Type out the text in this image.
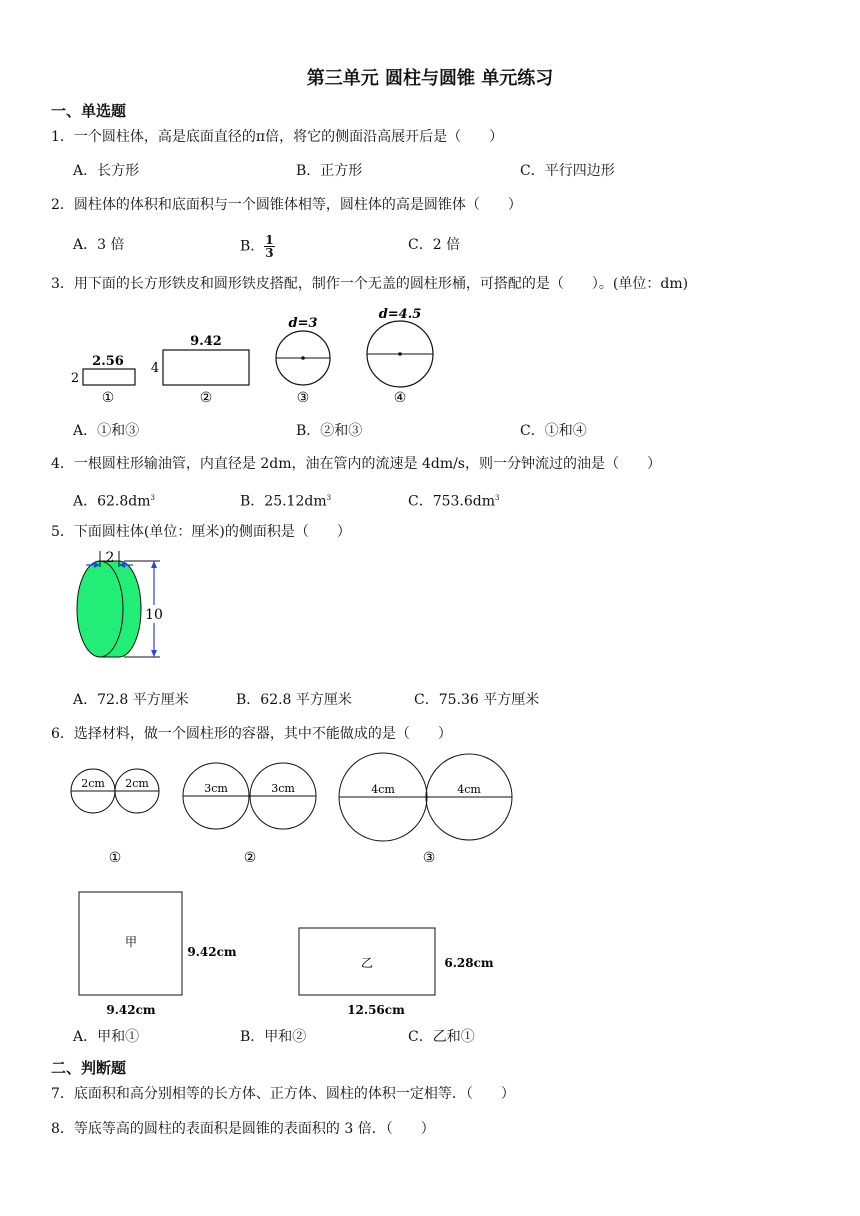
第三单元 圆柱与圆锥 单元练习
一、单选题
1．一个圆柱体，高是底面直径的π倍，将它的侧面沿高展开后是（　　）
A．长方形	B．正方形	C．平行四边形
2．圆柱体的体积和底面积与一个圆锥体相等，圆柱体的高是圆锥体（　　）
A．3 倍	B． $\frac{1}{3}$	C．2 倍
3．用下面的长方形铁皮和圆形铁皮搭配，制作一个无盖的圆柱形桶，可搭配的是（　　）。(单位：dm)
2.56
2
①
9.42
4
②
d=3
③
d=4.5
④
A．①和③	B．②和③	C．①和④
4．一根圆柱形输油管，内直径是 2dm，油在管内的流速是 4dm/s，则一分钟流过的油是（　　）
A．$62.8dm^3$	B．$25.12dm^3$	C．$753.6dm^3$
5．下面圆柱体(单位：厘米)的侧面积是（　　）
2
10
A．72.8 平方厘米	B．62.8 平方厘米	C．75.36 平方厘米
6．选择材料，做一个圆柱形的容器，其中不能做成的是（　　）
2cm 2cm
①
3cm	3cm
②
4cm	4cm
③
甲
9.42cm
9.42cm
乙	6.28cm
12.56cm
A．甲和①	B．甲和②	C．乙和①
二、判断题
7．底面积和高分别相等的长方体、正方体、圆柱的体积一定相等．（　　）
8．等底等高的圆柱的表面积是圆锥的表面积的 3 倍．（　　）
